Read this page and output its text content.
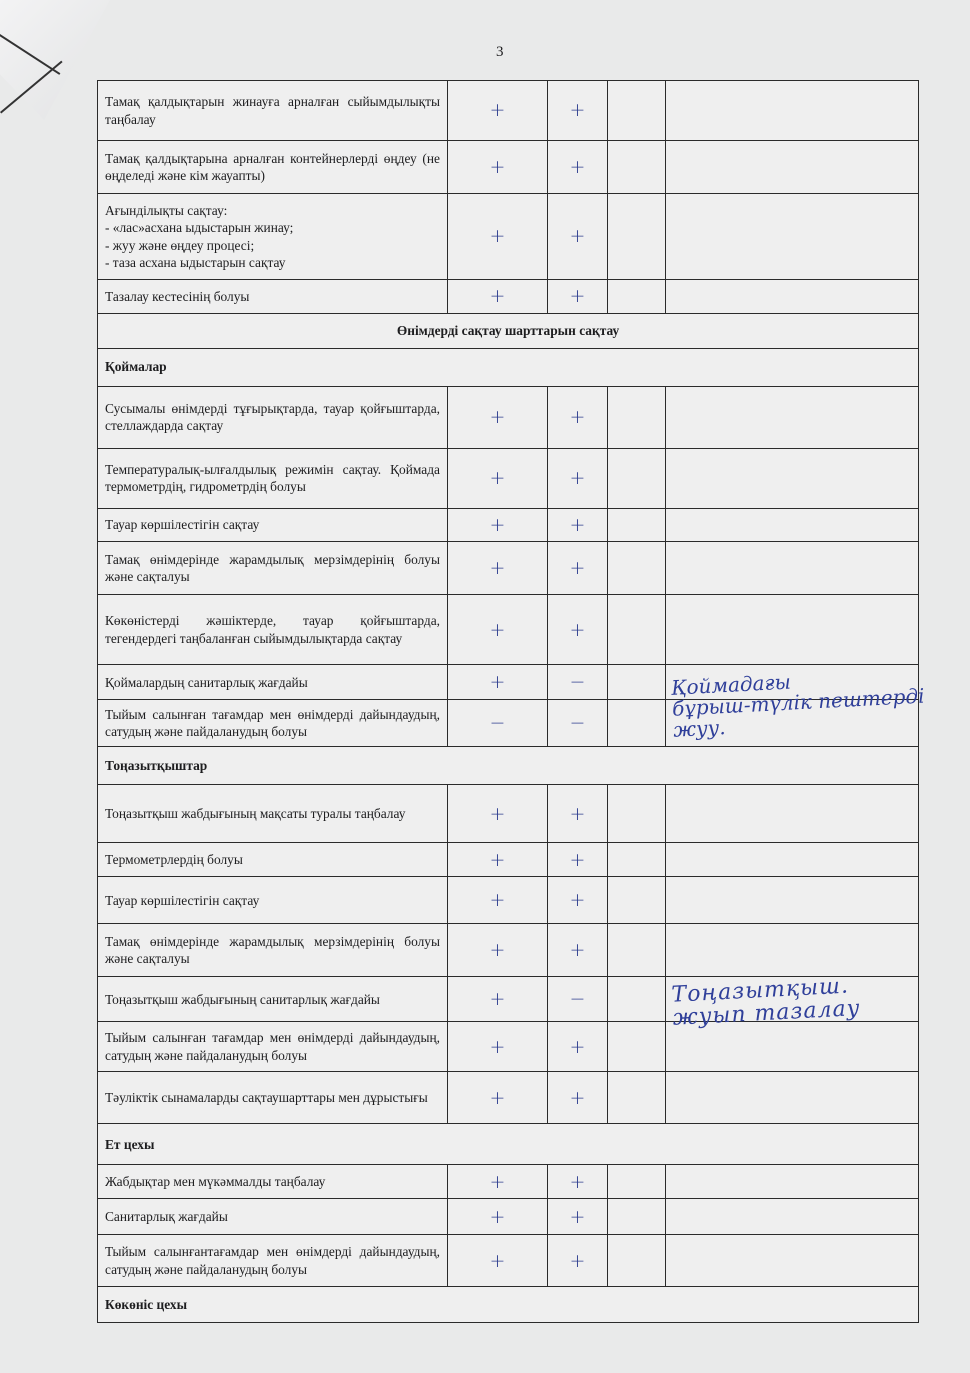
3
Тамақ қалдықтарын жинауға арналған сыйымдылықты таңбалау	+	+		
Тамақ қалдықтарына арналған контейнерлерді өңдеу (не өңделеді және кім жауапты)	+	+		
Ағынділықты сақтау:
- «лас»асхана ыдыстарын жинау;
- жуу және өңдеу процесі;
- таза асхана ыдыстарын сақтау	+	+		
Тазалау кестесінің болуы	+	+		
Өнімдерді сақтау шарттарын сақтау				
Қоймалар				
Сусымалы өнімдерді тұғырықтарда, тауар қойғыштарда, стеллаждарда сақтау	+	+		
Температуралық-ылғалдылық режимін сақтау. Қоймада термометрдің, гидрометрдің болуы	+	+		
Тауар көршілестігін сақтау	+	+		
Тамақ өнімдерінде жарамдылық мерзімдерінің болуы және сақталуы	+	+		
Көкөністерді жәшіктерде, тауар қойғыштарда, тегендердегі таңбаланған сыйымдылықтарда сақтау	+	+		
Қоймалардың санитарлық жағдайы	+	−		Қоймадағы
бұрыш-түлік пештерді
жуу.

Тыйым салынған тағамдар мен өнімдерді дайындаудың, сатудың және пайдаланудың болуы	−	−		
Тоңазытқыштар				
Тоңазытқыш жабдығының мақсаты туралы таңбалау	+	+		
Термометрлердің болуы	+	+		
Тауар көршілестігін сақтау	+	+		
Тамақ өнімдерінде жарамдылық мерзімдерінің болуы және сақталуы	+	+		
Тоңазытқыш жабдығының санитарлық жағдайы	+	−		Тоңазытқыш.
жуып тазалау

Тыйым салынған тағамдар мен өнімдерді дайындаудың, сатудың және пайдаланудың болуы	+	+		
Тәуліктік сынамаларды сақтаушарттары мен дұрыстығы	+	+		
Ет цехы				
Жабдықтар мен мүкәммалды таңбалау	+	+		
Санитарлық жағдайы	+	+		
Тыйым салынғантағамдар мен өнімдерді дайындаудың, сатудың және пайдаланудың болуы	+	+		
Көкөніс цехы				
